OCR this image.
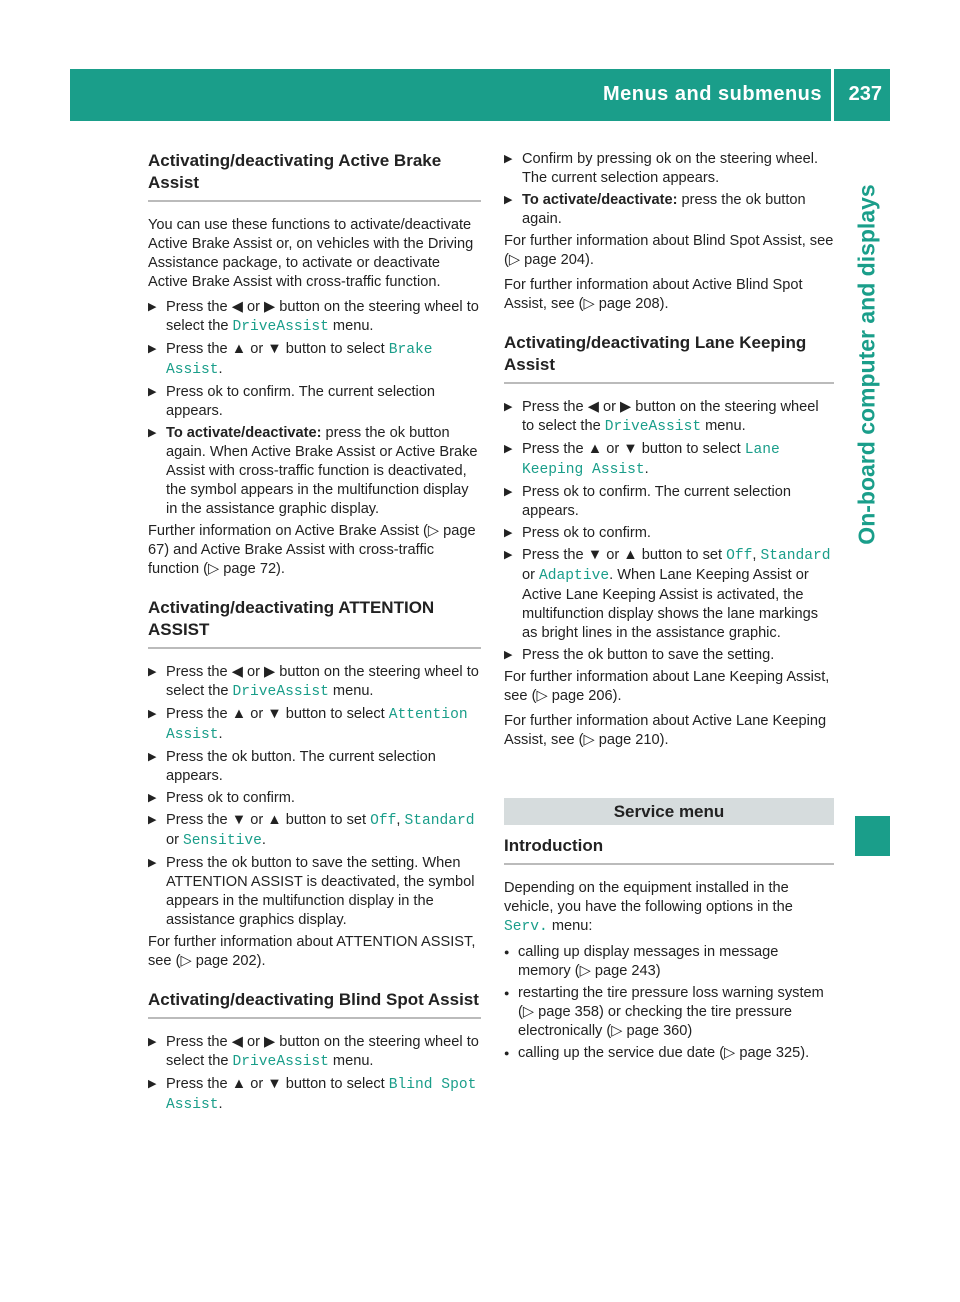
Menus and submenus 237
On-board computer and displays
Activating/deactivating Active Brake Assist

You can use these functions to activate/deactivate Active Brake Assist or, on vehicles with the Driving Assistance package, to activate or deactivate Active Brake Assist with cross-traffic function.

▶ Press the ◀ or ▶ button on the steering wheel to select the DriveAssist menu.
▶ Press the ▲ or ▼ button to select Brake Assist.
▶ Press ok to confirm. The current selection appears.
▶ To activate/deactivate: press the ok button again. When Active Brake Assist or Active Brake Assist with cross-traffic function is deactivated, the symbol appears in the multifunction display in the assistance graphic display.

Further information on Active Brake Assist (▷ page 67) and Active Brake Assist with cross-traffic function (▷ page 72).

Activating/deactivating ATTENTION ASSIST
▶ Press the ◀ or ▶ button on the steering wheel to select the DriveAssist menu.
▶ Press the ▲ or ▼ button to select Attention Assist.
▶ Press the ok button. The current selection appears.
▶ Press ok to confirm.
▶ Press the ▼ or ▲ button to set Off, Standard or Sensitive.
▶ Press the ok button to save the setting. When ATTENTION ASSIST is deactivated, the symbol appears in the multifunction display in the assistance graphics display.

For further information about ATTENTION ASSIST, see (▷ page 202).

Activating/deactivating Blind Spot Assist
▶ Press the ◀ or ▶ button on the steering wheel to select the DriveAssist menu.
▶ Press the ▲ or ▼ button to select Blind Spot Assist.
▶ Confirm by pressing ok on the steering wheel. The current selection appears.
▶ To activate/deactivate: press the ok button again.

For further information about Blind Spot Assist, see (▷ page 204).

For further information about Active Blind Spot Assist, see (▷ page 208).

Activating/deactivating Lane Keeping Assist
▶ Press the ◀ or ▶ button on the steering wheel to select the DriveAssist menu.
▶ Press the ▲ or ▼ button to select Lane Keeping Assist.
▶ Press ok to confirm. The current selection appears.
▶ Press ok to confirm.
▶ Press the ▼ or ▲ button to set Off, Standard or Adaptive. When Lane Keeping Assist or Active Lane Keeping Assist is activated, the multifunction display shows the lane markings as bright lines in the assistance graphic.
▶ Press the ok button to save the setting.

For further information about Lane Keeping Assist, see (▷ page 206).

For further information about Active Lane Keeping Assist, see (▷ page 210).

Service menu
Introduction

Depending on the equipment installed in the vehicle, you have the following options in the Serv. menu:

● calling up display messages in message memory (▷ page 243)
● restarting the tire pressure loss warning system (▷ page 358) or checking the tire pressure electronically (▷ page 360)
● calling up the service due date (▷ page 325).
